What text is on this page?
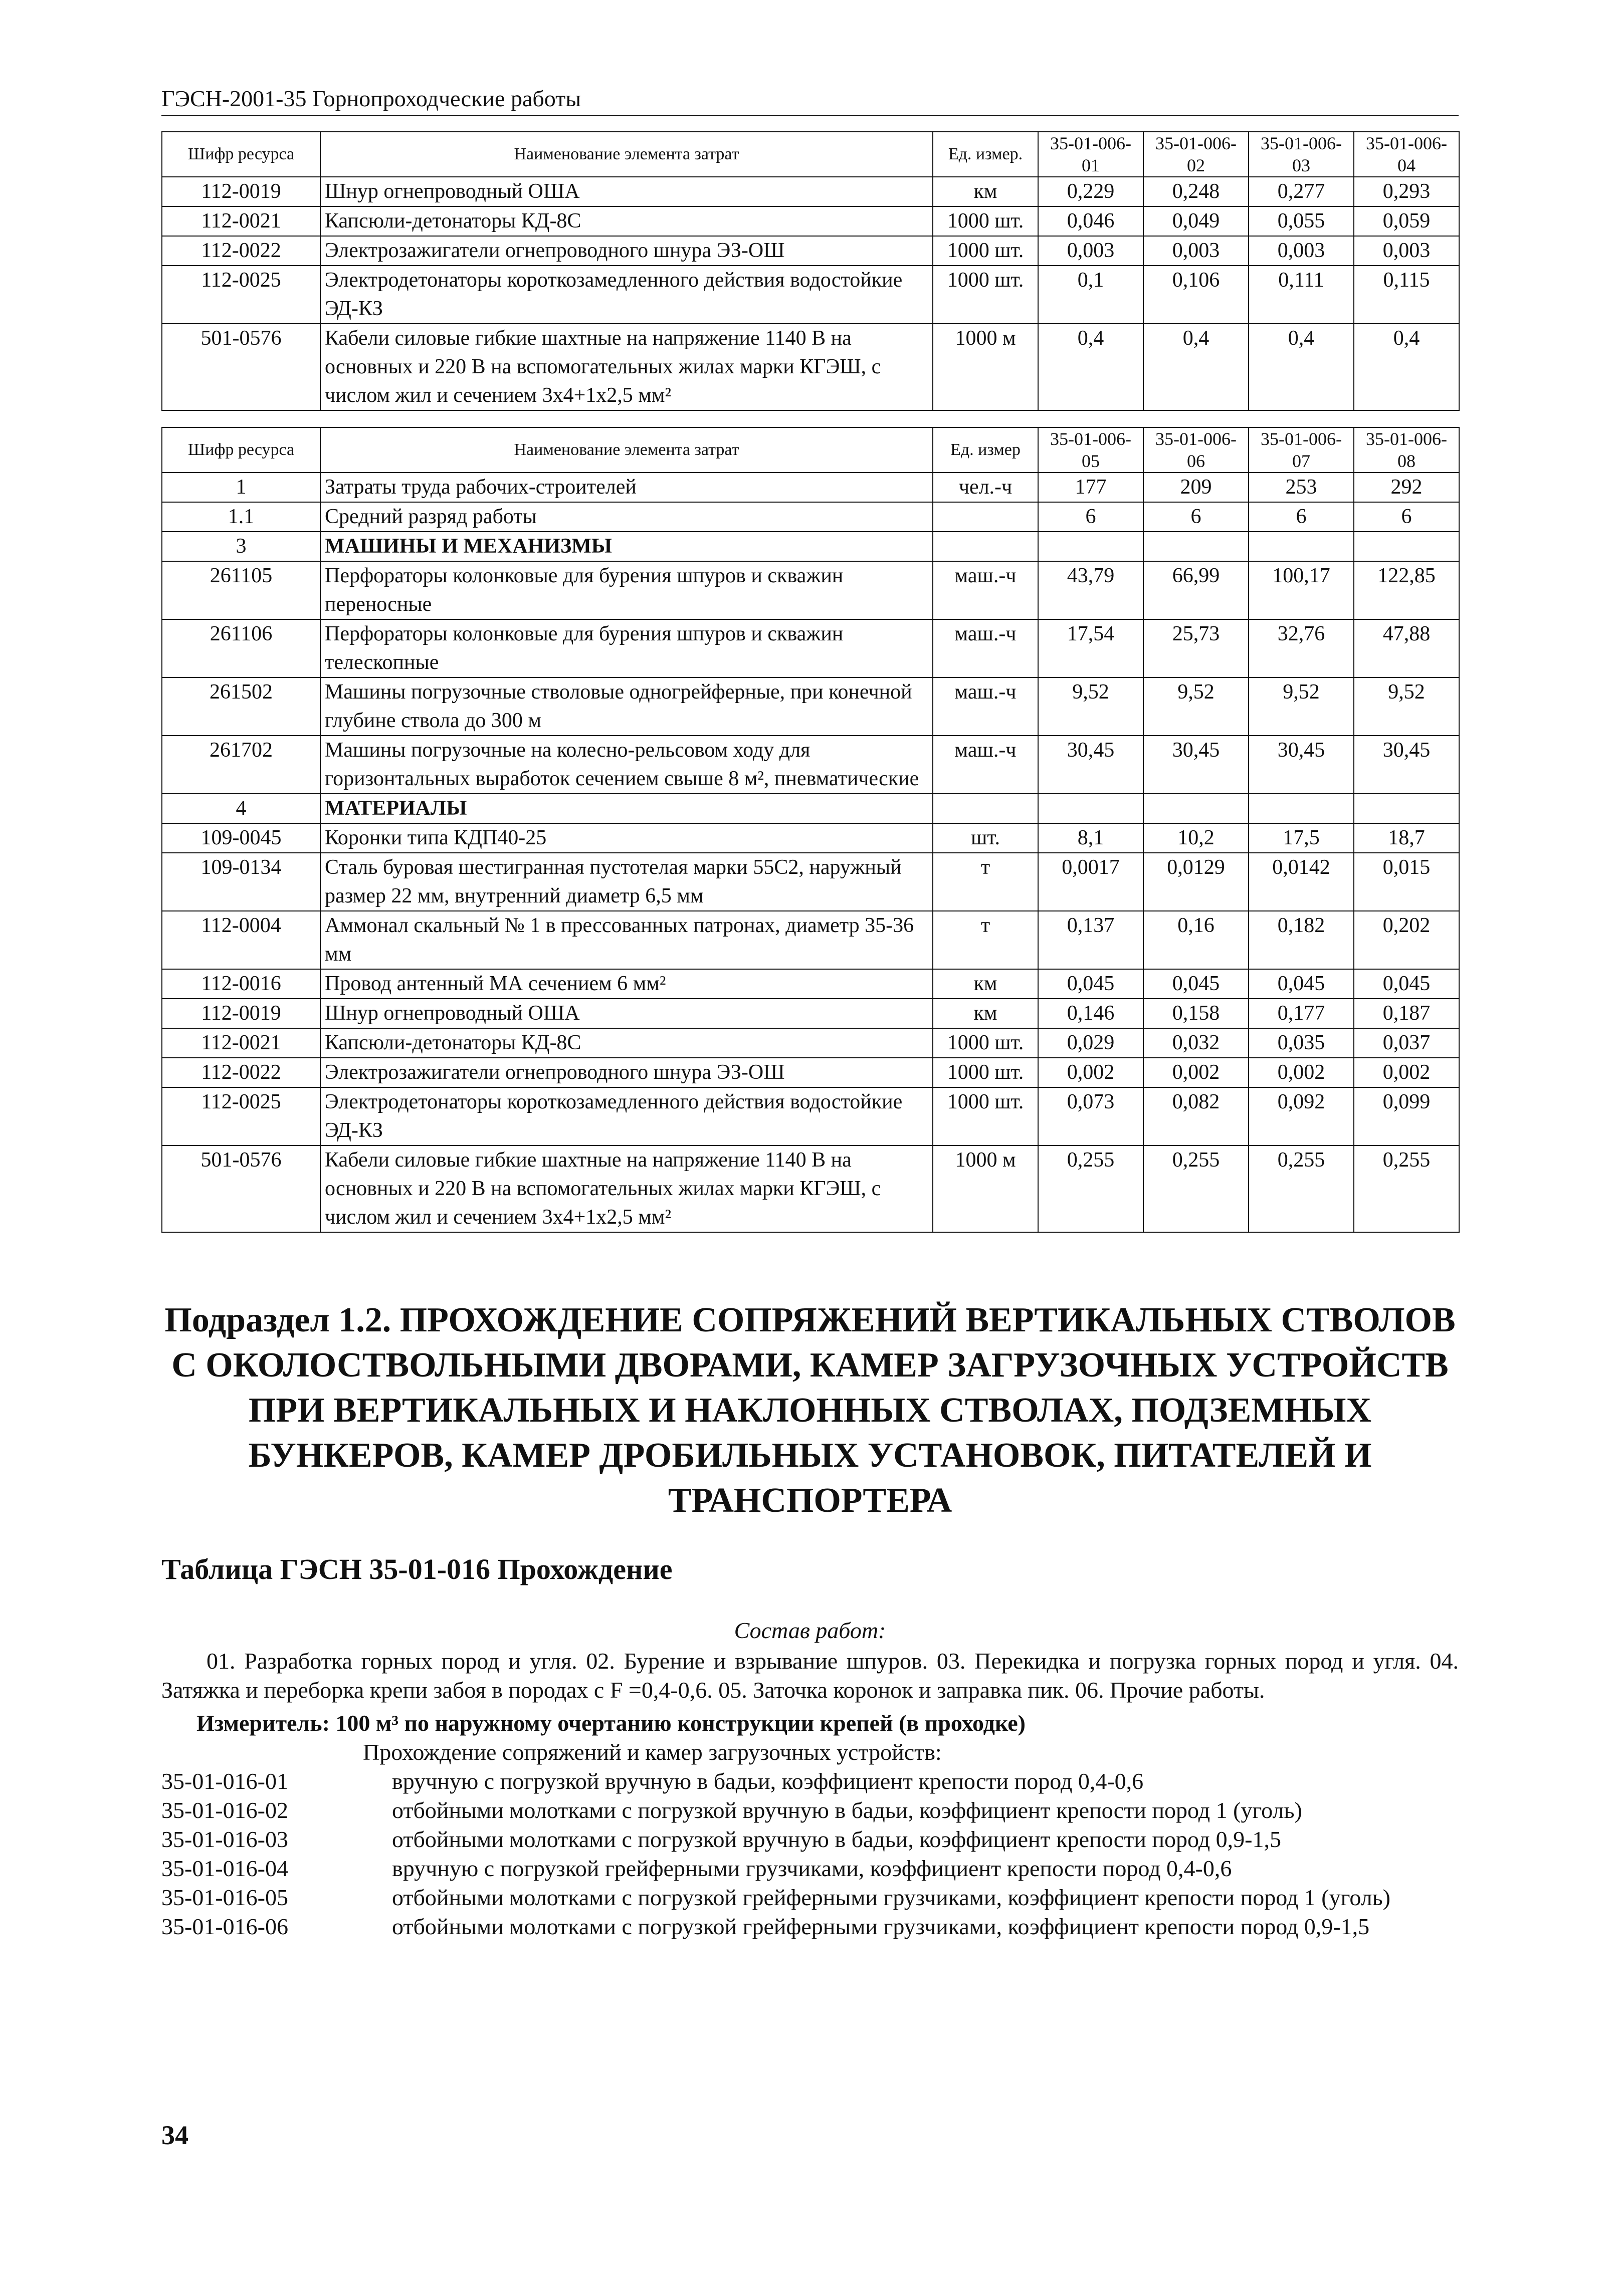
ГЭСН-2001-35 Горнопроходческие работы
Шифр ресурса	Наименование элемента затрат	Ед. измер.	35-01-006-01	35-01-006-02	35-01-006-03	35-01-006-04
112-0019	Шнур огнепроводный ОША	км	0,229	0,248	0,277	0,293
112-0021	Капсюли-детонаторы КД-8С	1000 шт.	0,046	0,049	0,055	0,059
112-0022	Электрозажигатели огнепроводного шнура ЭЗ-ОШ	1000 шт.	0,003	0,003	0,003	0,003
112-0025	Электродетонаторы короткозамедленного действия водостойкие ЭД-КЗ	1000 шт.	0,1	0,106	0,111	0,115
501-0576	Кабели силовые гибкие шахтные на напряжение 1140 В на основных и 220 В на вспомогательных жилах марки КГЭШ, с числом жил и сечением 3х4+1х2,5 мм²	1000 м	0,4	0,4	0,4	0,4
Шифр ресурса	Наименование элемента затрат	Ед. измер	35-01-006-05	35-01-006-06	35-01-006-07	35-01-006-08
1	Затраты труда рабочих-строителей	чел.-ч	177	209	253	292
1.1	Средний разряд работы		6	6	6	6
3	МАШИНЫ И МЕХАНИЗМЫ					
261105	Перфораторы колонковые для бурения шпуров и скважин переносные	маш.-ч	43,79	66,99	100,17	122,85
261106	Перфораторы колонковые для бурения шпуров и скважин телескопные	маш.-ч	17,54	25,73	32,76	47,88
261502	Машины погрузочные стволовые одногрейферные, при конечной глубине ствола до 300 м	маш.-ч	9,52	9,52	9,52	9,52
261702	Машины погрузочные на колесно-рельсовом ходу для горизонтальных выработок сечением свыше 8 м², пневматические	маш.-ч	30,45	30,45	30,45	30,45
4	МАТЕРИАЛЫ					
109-0045	Коронки типа КДП40-25	шт.	8,1	10,2	17,5	18,7
109-0134	Сталь буровая шестигранная пустотелая марки 55С2, наружный размер 22 мм, внутренний диаметр 6,5 мм	т	0,0017	0,0129	0,0142	0,015
112-0004	Аммонал скальный № 1 в прессованных патронах, диаметр 35-36 мм	т	0,137	0,16	0,182	0,202
112-0016	Провод антенный МА сечением 6 мм²	км	0,045	0,045	0,045	0,045
112-0019	Шнур огнепроводный ОША	км	0,146	0,158	0,177	0,187
112-0021	Капсюли-детонаторы КД-8С	1000 шт.	0,029	0,032	0,035	0,037
112-0022	Электрозажигатели огнепроводного шнура ЭЗ-ОШ	1000 шт.	0,002	0,002	0,002	0,002
112-0025	Электродетонаторы короткозамедленного действия водостойкие ЭД-КЗ	1000 шт.	0,073	0,082	0,092	0,099
501-0576	Кабели силовые гибкие шахтные на напряжение 1140 В на основных и 220 В на вспомогательных жилах марки КГЭШ, с числом жил и сечением 3х4+1х2,5 мм²	1000 м	0,255	0,255	0,255	0,255
Подраздел 1.2. ПРОХОЖДЕНИЕ СОПРЯЖЕНИЙ ВЕРТИКАЛЬНЫХ СТВОЛОВ С ОКОЛОСТВОЛЬНЫМИ ДВОРАМИ, КАМЕР ЗАГРУЗОЧНЫХ УСТРОЙСТВ ПРИ ВЕРТИКАЛЬНЫХ И НАКЛОННЫХ СТВОЛАХ, ПОДЗЕМНЫХ БУНКЕРОВ, КАМЕР ДРОБИЛЬНЫХ УСТАНОВОК, ПИТАТЕЛЕЙ И ТРАНСПОРТЕРА
Таблица ГЭСН 35-01-016 Прохождение
Состав работ:
01. Разработка горных пород и угля. 02. Бурение и взрывание шпуров. 03. Перекидка и погрузка горных пород и угля. 04. Затяжка и переборка крепи забоя в породах с F =0,4-0,6. 05. Заточка коронок и заправка пик. 06. Прочие работы.
Измеритель: 100 м³ по наружному очертанию конструкции крепей (в проходке)
Прохождение сопряжений и камер загрузочных устройств:
35-01-016-01	вручную с погрузкой вручную в бадьи, коэффициент крепости пород 0,4-0,6
35-01-016-02	отбойными молотками с погрузкой вручную в бадьи, коэффициент крепости пород 1 (уголь)
35-01-016-03	отбойными молотками с погрузкой вручную в бадьи, коэффициент крепости пород 0,9-1,5
35-01-016-04	вручную с погрузкой грейферными грузчиками, коэффициент крепости пород 0,4-0,6
35-01-016-05	отбойными молотками с погрузкой грейферными грузчиками, коэффициент крепости пород 1 (уголь)
35-01-016-06	отбойными молотками с погрузкой грейферными грузчиками, коэффициент крепости пород 0,9-1,5
34
